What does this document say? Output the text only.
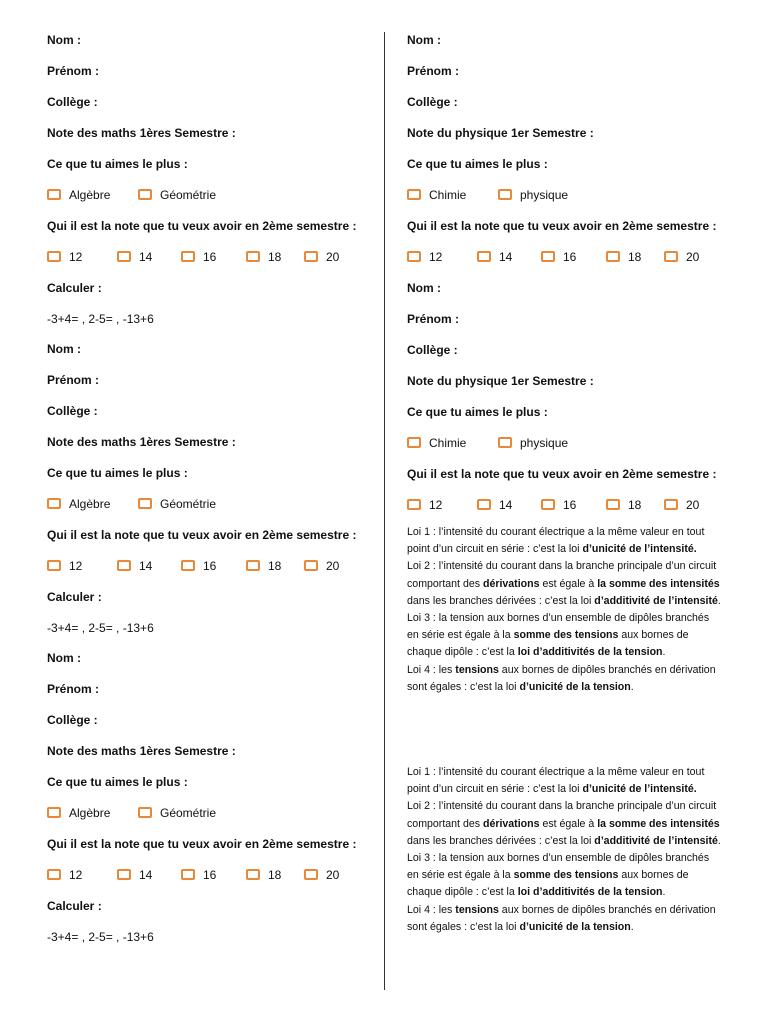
Nom :
Prénom :
Collège :
Note des maths 1ères Semestre :
Ce que tu aimes le plus :
Algèbre	Géométrie
Qui il est la note que tu veux avoir en 2ème semestre :
12	14	16	18	20
Calculer :
-3+4= , 2-5= , -13+6
Nom :
Prénom :
Collège :
Note des maths 1ères Semestre :
Ce que tu aimes le plus :
Algèbre	Géométrie
Qui il est la note que tu veux avoir en 2ème semestre :
12	14	16	18	20
Calculer :
-3+4= , 2-5= , -13+6
Nom :
Prénom :
Collège :
Note des maths 1ères Semestre :
Ce que tu aimes le plus :
Algèbre	Géométrie
Qui il est la note que tu veux avoir en 2ème semestre :
12	14	16	18	20
Calculer :
-3+4= , 2-5= , -13+6
Nom :
Prénom :
Collège :
Note du physique 1er Semestre :
Ce que tu aimes le plus :
Chimie	physique
Qui il est la note que tu veux avoir en 2ème semestre :
12	14	16	18	20
Nom :
Prénom :
Collège :
Note du physique 1er Semestre :
Ce que tu aimes le plus :
Chimie	physique
Qui il est la note que tu veux avoir en 2ème semestre :
12	14	16	18	20

Loi 1 : l’intensité du courant électrique a la même valeur en tout point d’un circuit en série : c’est la loi d’unicité de l’intensité.

Loi 2 : l’intensité du courant dans la branche principale d’un circuit comportant des dérivations est égale à la somme des intensités dans les branches dérivées : c’est la loi d’additivité de l’intensité.

Loi 3 : la tension aux bornes d’un ensemble de dipôles branchés en série est égale à la somme des tensions aux bornes de chaque dipôle : c’est la loi d’additivités de la tension.

Loi 4 : les tensions aux bornes de dipôles branchés en dérivation sont égales : c’est la loi d’unicité de la tension.

Loi 1 : l’intensité du courant électrique a la même valeur en tout point d’un circuit en série : c’est la loi d’unicité de l’intensité.

Loi 2 : l’intensité du courant dans la branche principale d’un circuit comportant des dérivations est égale à la somme des intensités dans les branches dérivées : c’est la loi d’additivité de l’intensité.

Loi 3 : la tension aux bornes d’un ensemble de dipôles branchés en série est égale à la somme des tensions aux bornes de chaque dipôle : c’est la loi d’additivités de la tension.

Loi 4 : les tensions aux bornes de dipôles branchés en dérivation sont égales : c’est la loi d’unicité de la tension.
